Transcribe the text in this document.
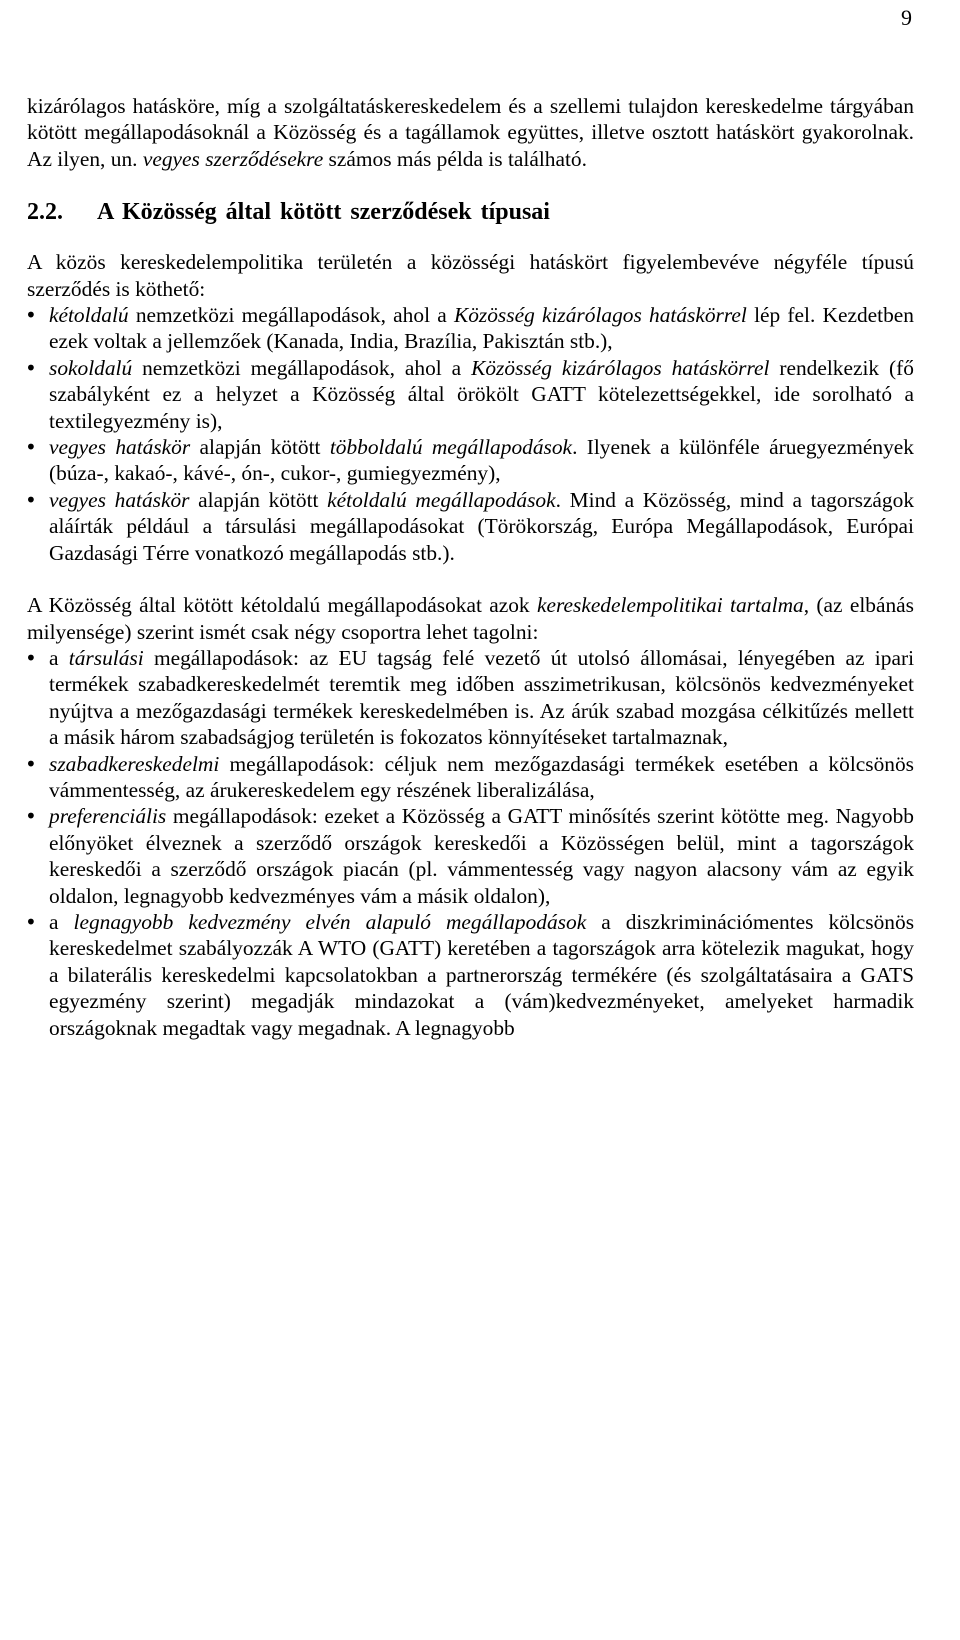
9

kizárólagos hatásköre, míg a szolgáltatáskereskedelem és a szellemi tulajdon kereskedelme tárgyában kötött megállapodásoknál a Közösség és a tagállamok együttes, illetve osztott hatáskört gyakorolnak. Az ilyen, un. vegyes szerződésekre számos más példa is található.

2.2. A Közösség által kötött szerződések típusai

A közös kereskedelempolitika területén a közösségi hatáskört figyelembevéve négyféle típusú szerződés is köthető:

• kétoldalú nemzetközi megállapodások, ahol a Közösség kizárólagos hatáskörrel lép fel. Kezdetben ezek voltak a jellemzőek (Kanada, India, Brazília, Pakisztán stb.),
• sokoldalú nemzetközi megállapodások, ahol a Közösség kizárólagos hatáskörrel rendelkezik (fő szabályként ez a helyzet a Közösség által örökölt GATT kötelezettségekkel, ide sorolható a textilegyezmény is),
• vegyes hatáskör alapján kötött többoldalú megállapodások. Ilyenek a különféle áruegyezmények (búza-, kakaó-, kávé-, ón-, cukor-, gumiegyezmény),
• vegyes hatáskör alapján kötött kétoldalú megállapodások. Mind a Közösség, mind a tagországok aláírták például a társulási megállapodásokat (Törökország, Európa Megállapodások, Európai Gazdasági Térre vonatkozó megállapodás stb.).

A Közösség által kötött kétoldalú megállapodásokat azok kereskedelempolitikai tartalma, (az elbánás milyensége) szerint ismét csak négy csoportra lehet tagolni:

• a társulási megállapodások: az EU tagság felé vezető út utolsó állomásai, lényegében az ipari termékek szabadkereskedelmét teremtik meg időben asszimetrikusan, kölcsönös kedvezményeket nyújtva a mezőgazdasági termékek kereskedelmében is. Az árúk szabad mozgása célkitűzés mellett a másik három szabadságjog területén is fokozatos könnyítéseket tartalmaznak,
• szabadkereskedelmi megállapodások: céljuk nem mezőgazdasági termékek esetében a kölcsönös vámmentesség, az árukereskedelem egy részének liberalizálása,
• preferenciális megállapodások: ezeket a Közösség a GATT minősítés szerint kötötte meg. Nagyobb előnyöket élveznek a szerződő országok kereskedői a Közösségen belül, mint a tagországok kereskedői a szerződő országok piacán (pl. vámmentesség vagy nagyon alacsony vám az egyik oldalon, legnagyobb kedvezményes vám a másik oldalon),
• a legnagyobb kedvezmény elvén alapuló megállapodások a diszkriminációmentes kölcsönös kereskedelmet szabályozzák A WTO (GATT) keretében a tagországok arra kötelezik magukat, hogy a bilaterális kereskedelmi kapcsolatokban a partnerország termékére (és szolgáltatásaira a GATS egyezmény szerint) megadják mindazokat a (vám)kedvezményeket, amelyeket harmadik országoknak megadtak vagy megadnak. A legnagyobb
